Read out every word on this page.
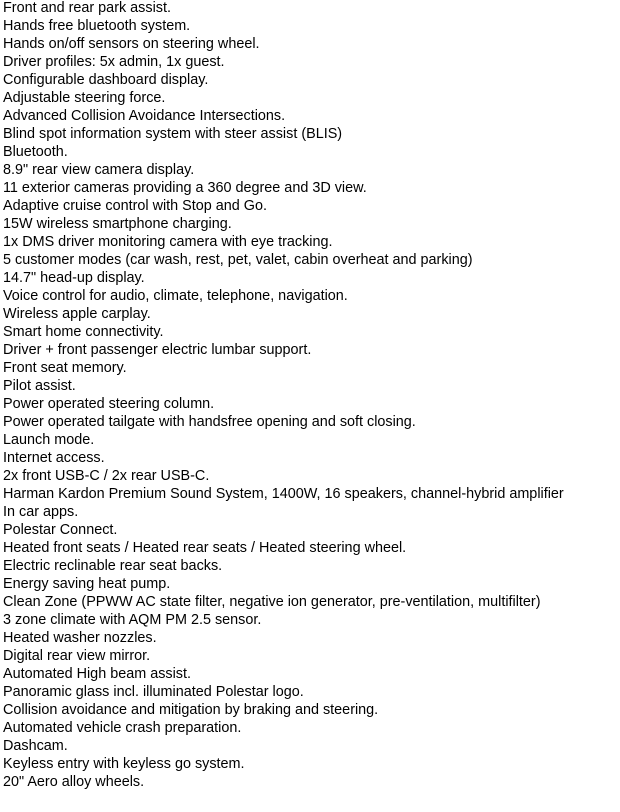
Front and rear park assist.
Hands free bluetooth system.
Hands on/off sensors on steering wheel.
Driver profiles: 5x admin, 1x guest.
Configurable dashboard display.
Adjustable steering force.
Advanced Collision Avoidance Intersections.
Blind spot information system with steer assist (BLIS)
Bluetooth.
8.9" rear view camera display.
11 exterior cameras providing a 360 degree and 3D view.
Adaptive cruise control with Stop and Go.
15W wireless smartphone charging.
1x DMS driver monitoring camera with eye tracking.
5 customer modes (car wash, rest, pet, valet, cabin overheat and parking)
14.7" head-up display.
Voice control for audio, climate, telephone, navigation.
Wireless apple carplay.
Smart home connectivity.
Driver + front passenger electric lumbar support.
Front seat memory.
Pilot assist.
Power operated steering column.
Power operated tailgate with handsfree opening and soft closing.
Launch mode.
Internet access.
2x front USB-C / 2x rear USB-C.
Harman Kardon Premium Sound System, 1400W, 16 speakers, channel-hybrid amplifier
In car apps.
Polestar Connect.
Heated front seats / Heated rear seats / Heated steering wheel.
Electric reclinable rear seat backs.
Energy saving heat pump.
Clean Zone (PPWW AC state filter, negative ion generator, pre-ventilation, multifilter)
3 zone climate with AQM PM 2.5 sensor.
Heated washer nozzles.
Digital rear view mirror.
Automated High beam assist.
Panoramic glass incl. illuminated Polestar logo.
Collision avoidance and mitigation by braking and steering.
Automated vehicle crash preparation.
Dashcam.
Keyless entry with keyless go system.
20" Aero alloy wheels.
